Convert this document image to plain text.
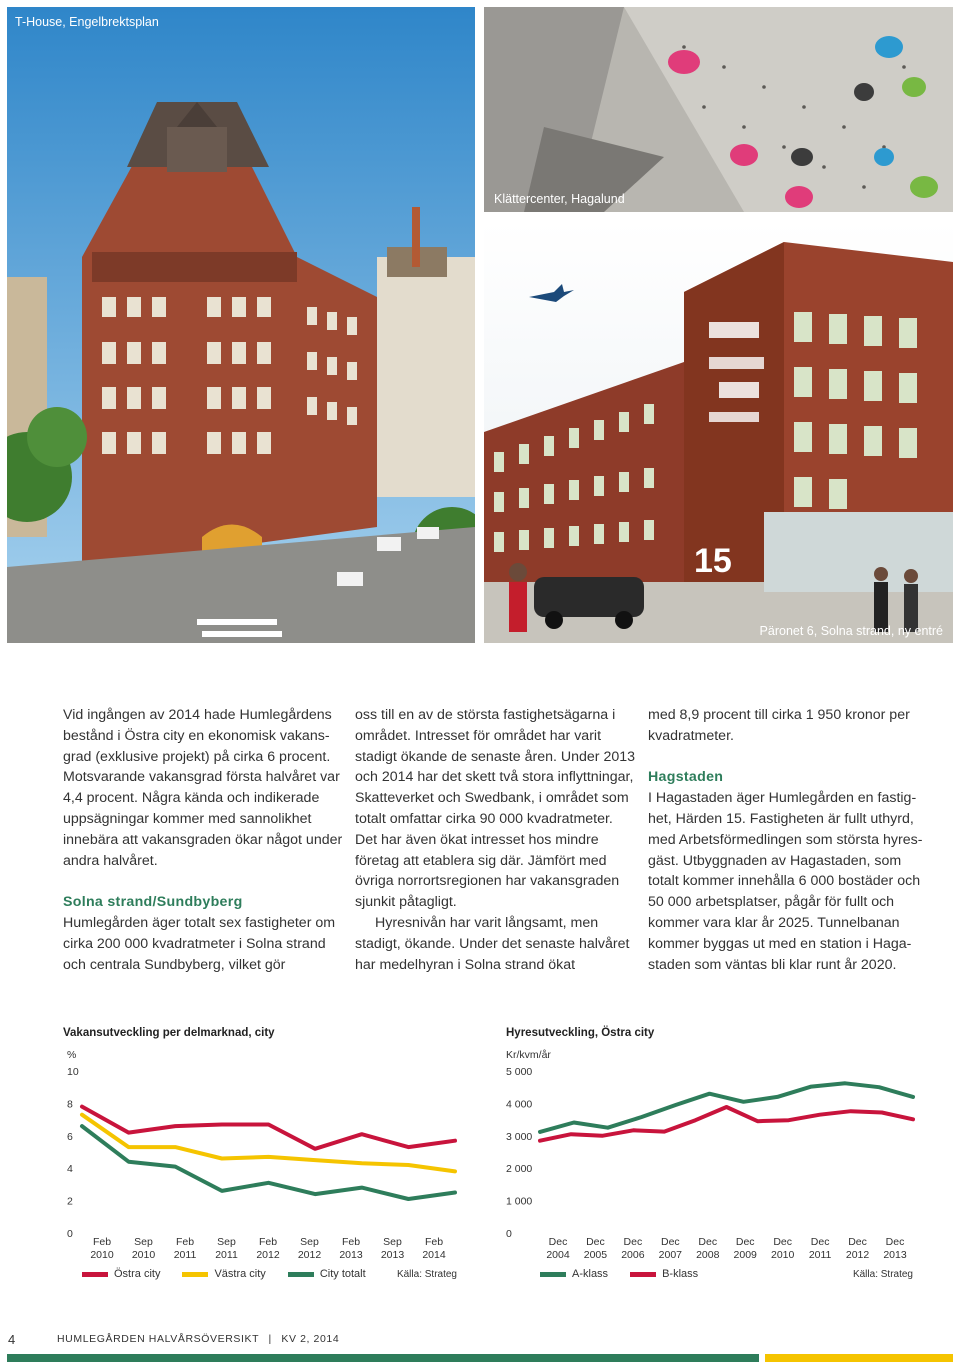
T-House, Engelbrektsplan
Klättercenter, Hagalund
15
Päronet 6, Solna strand, ny entré

Vid ingången av 2014 hade Humlegårdens bestånd i Östra city en ekonomisk vakansgrad (exklusive projekt) på cirka 6 procent. Motsvarande vakansgrad första halvåret var 4,4 procent. Några kända och indikerade uppsägningar kommer med sannolikhet innebära att vakansgraden ökar något under andra halvåret.

Solna strand/Sundbyberg

Humlegården äger totalt sex fastigheter om cirka 200 000 kvadratmeter i Solna strand och centrala Sundbyberg, vilket gör

oss till en av de största fastighetsägarna i området. Intresset för området har varit stadigt ökande de senaste åren. Under 2013 och 2014 har det skett två stora inflyttningar, Skatteverket och Swedbank, i området som totalt omfattar cirka 90 000 kvadratmeter. Det har även ökat intresset hos mindre företag att etablera sig där. Jämfört med övriga norrortsregionen har vakansgraden sjunkit påtagligt.

Hyresnivån har varit långsamt, men stadigt, ökande. Under det senaste halvåret har medelhyran i Solna strand ökat

med 8,9 procent till cirka 1 950 kronor per kvadratmeter.

Hagstaden

I Hagastaden äger Humlegården en fastighet, Härden 15. Fastigheten är fullt uthyrd, med Arbetsförmedlingen som största hyresgäst. Utbyggnaden av Hagastaden, som totalt kommer innehålla 6 000 bostäder och 50 000 arbetsplatser, pågår för fullt och kommer vara klar år 2025. Tunnelbanan kommer byggas ut med en station i Hagastaden som väntas bli klar runt år 2020.

Vakansutveckling per delmarknad, city
%
0
2
4
6
8
10
Feb
2010
Sep
2010
Feb
2011
Sep
2011
Feb
2012
Sep
2012
Feb
2013
Sep
2013
Feb
2014
Östra city	Västra city	City totalt	Källa: Strateg
Hyresutveckling, Östra city
Kr/kvm/år
0
1 000
2 000
3 000
4 000
5 000
Dec
2004
Dec
2005
Dec
2006
Dec
2007
Dec
2008
Dec
2009
Dec
2010
Dec
2011
Dec
2012
Dec
2013
A-klass	B-klass	Källa: Strateg
4	HUMLEGÅRDEN HALVÅRSÖVERSIKT | KV 2, 2014
